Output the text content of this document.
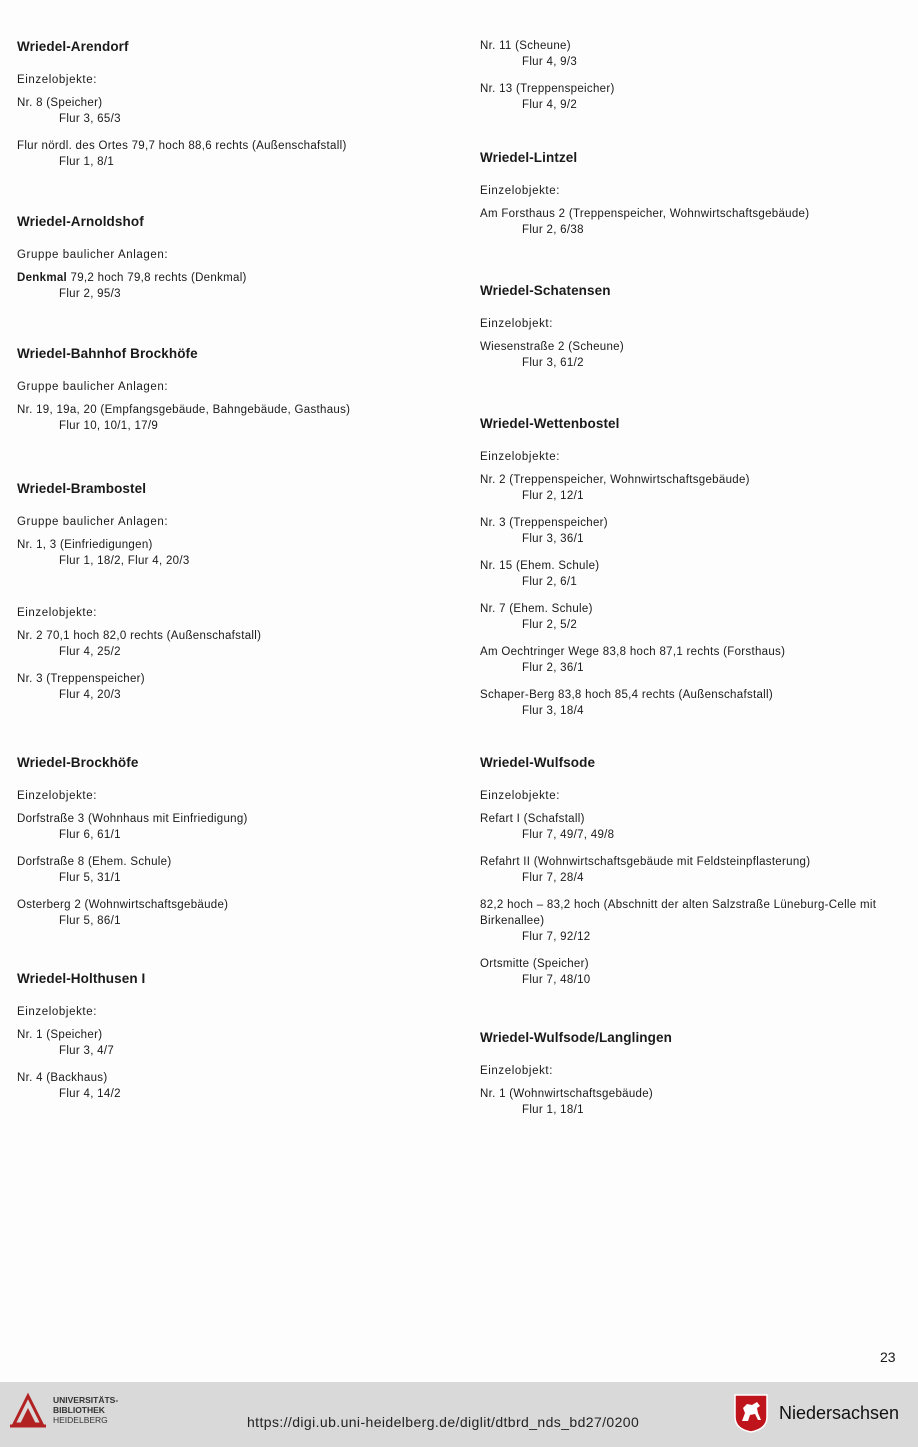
Wriedel-Arendorf
Einzelobjekte:
Nr. 8 (Speicher)
Flur 3, 65/3
Flur nördl. des Ortes 79,7 hoch 88,6 rechts (Außenschafstall)
Flur 1, 8/1
Wriedel-Arnoldshof
Gruppe baulicher Anlagen:
Denkmal 79,2 hoch 79,8 rechts (Denkmal)
Flur 2, 95/3
Wriedel-Bahnhof Brockhöfe
Gruppe baulicher Anlagen:
Nr. 19, 19a, 20 (Empfangsgebäude, Bahngebäude, Gasthaus)
Flur 10, 10/1, 17/9
Wriedel-Brambostel
Gruppe baulicher Anlagen:
Nr. 1, 3 (Einfriedigungen)
Flur 1, 18/2, Flur 4, 20/3
Einzelobjekte:
Nr. 2 70,1 hoch 82,0 rechts (Außenschafstall)
Flur 4, 25/2
Nr. 3 (Treppenspeicher)
Flur 4, 20/3
Wriedel-Brockhöfe
Einzelobjekte:
Dorfstraße 3 (Wohnhaus mit Einfriedigung)
Flur 6, 61/1
Dorfstraße 8 (Ehem. Schule)
Flur 5, 31/1
Osterberg 2 (Wohnwirtschaftsgebäude)
Flur 5, 86/1
Wriedel-Holthusen I
Einzelobjekte:
Nr. 1 (Speicher)
Flur 3, 4/7
Nr. 4 (Backhaus)
Flur 4, 14/2
Nr. 11 (Scheune)
Flur 4, 9/3
Nr. 13 (Treppenspeicher)
Flur 4, 9/2
Wriedel-Lintzel
Einzelobjekte:
Am Forsthaus 2 (Treppenspeicher, Wohnwirtschaftsgebäude)
Flur 2, 6/38
Wriedel-Schatensen
Einzelobjekt:
Wiesenstraße 2 (Scheune)
Flur 3, 61/2
Wriedel-Wettenbostel
Einzelobjekte:
Nr. 2 (Treppenspeicher, Wohnwirtschaftsgebäude)
Flur 2, 12/1
Nr. 3 (Treppenspeicher)
Flur 3, 36/1
Nr. 15 (Ehem. Schule)
Flur 2, 6/1
Nr. 7 (Ehem. Schule)
Flur 2, 5/2
Am Oechtringer Wege 83,8 hoch 87,1 rechts (Forsthaus)
Flur 2, 36/1
Schaper-Berg 83,8 hoch 85,4 rechts (Außenschafstall)
Flur 3, 18/4
Wriedel-Wulfsode
Einzelobjekte:
Refart I (Schafstall)
Flur 7, 49/7, 49/8
Refahrt II (Wohnwirtschaftsgebäude mit Feldsteinpflasterung)
Flur 7, 28/4
82,2 hoch – 83,2 hoch (Abschnitt der alten Salzstraße Lüneburg-Celle mit Birkenallee)
Flur 7, 92/12
Ortsmitte (Speicher)
Flur 7, 48/10
Wriedel-Wulfsode/Langlingen
Einzelobjekt:
Nr. 1 (Wohnwirtschaftsgebäude)
Flur 1, 18/1
23
UNIVERSITÄTS-
BIBLIOTHEK
HEIDELBERG	https://digi.ub.uni-heidelberg.de/diglit/dtbrd_nds_bd27/0200	Niedersachsen
